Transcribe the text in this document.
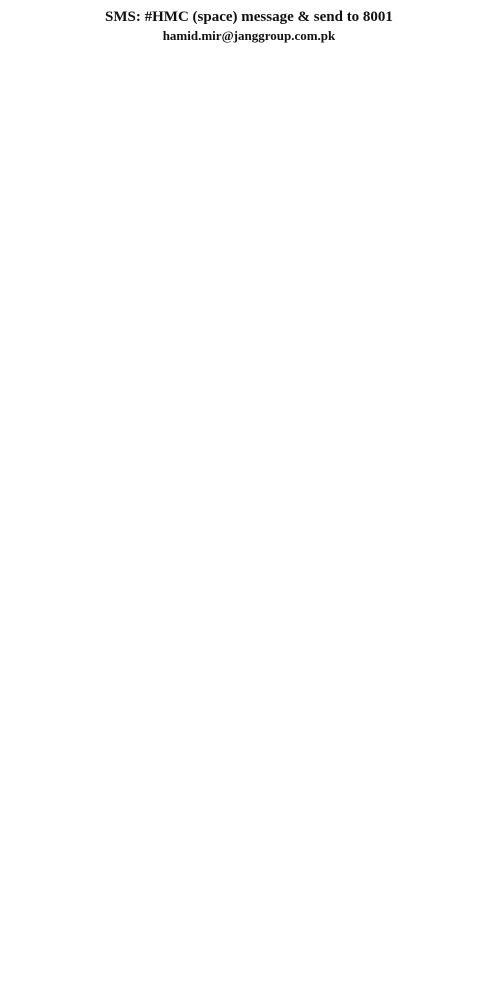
SMS: #HMC (space) message & send to 8001
hamid.mir@janggroup.com.pk
